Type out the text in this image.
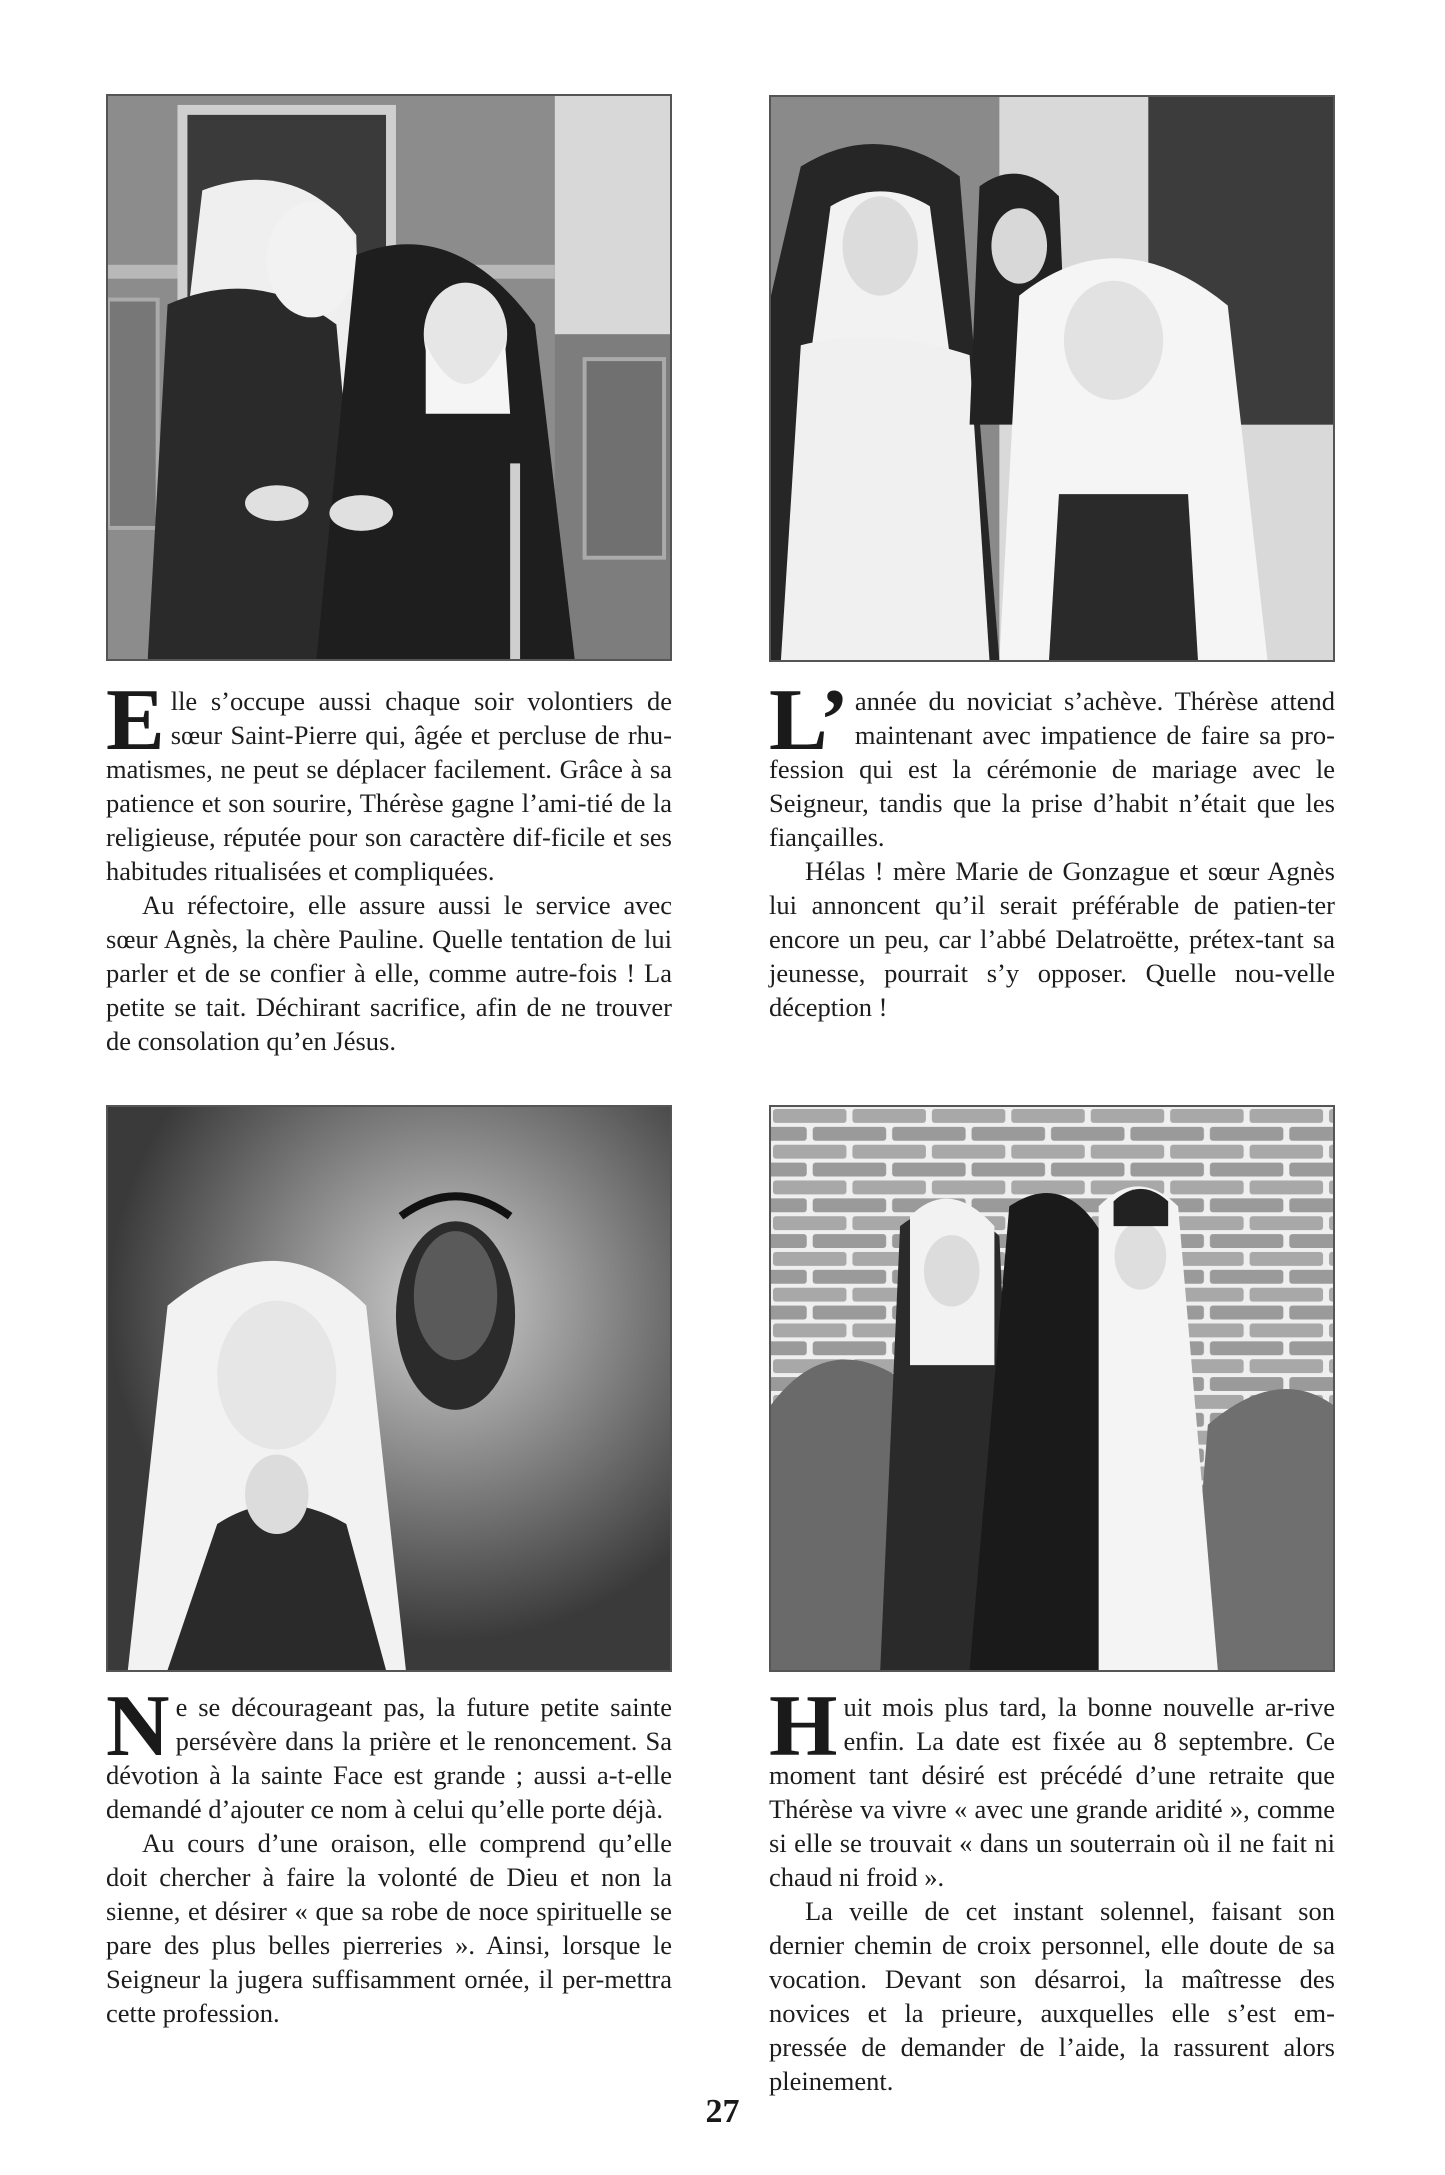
Elle s’occupe aussi chaque soir volontiers de sœur Saint-Pierre qui, âgée et percluse de rhu-matismes, ne peut se déplacer facilement. Grâce à sa patience et son sourire, Thérèse gagne l’ami-tié de la religieuse, réputée pour son caractère dif-ficile et ses habitudes ritualisées et compliquées.

Au réfectoire, elle assure aussi le service avec sœur Agnès, la chère Pauline. Quelle tentation de lui parler et de se confier à elle, comme autre-fois ! La petite se tait. Déchirant sacrifice, afin de ne trouver de consolation qu’en Jésus.

L’ année du noviciat s’achève. Thérèse attend maintenant avec impatience de faire sa pro-fession qui est la cérémonie de mariage avec le Seigneur, tandis que la prise d’habit n’était que les fiançailles.

Hélas ! mère Marie de Gonzague et sœur Agnès lui annoncent qu’il serait préférable de patien-ter encore un peu, car l’abbé Delatroëtte, prétex-tant sa jeunesse, pourrait s’y opposer. Quelle nou-velle déception !

Ne se décourageant pas, la future petite sainte persévère dans la prière et le renoncement. Sa dévotion à la sainte Face est grande ; aussi a-t-elle demandé d’ajouter ce nom à celui qu’elle porte déjà.

Au cours d’une oraison, elle comprend qu’elle doit chercher à faire la volonté de Dieu et non la sienne, et désirer « que sa robe de noce spirituelle se pare des plus belles pierreries ». Ainsi, lorsque le Seigneur la jugera suffisamment ornée, il per-mettra cette profession.

Huit mois plus tard, la bonne nouvelle ar-rive enfin. La date est fixée au 8 septembre. Ce moment tant désiré est précédé d’une retraite que Thérèse va vivre « avec une grande aridité », comme si elle se trouvait « dans un souterrain où il ne fait ni chaud ni froid ».

La veille de cet instant solennel, faisant son dernier chemin de croix personnel, elle doute de sa vocation. Devant son désarroi, la maîtresse des novices et la prieure, auxquelles elle s’est em-pressée de demander de l’aide, la rassurent alors pleinement.

27
